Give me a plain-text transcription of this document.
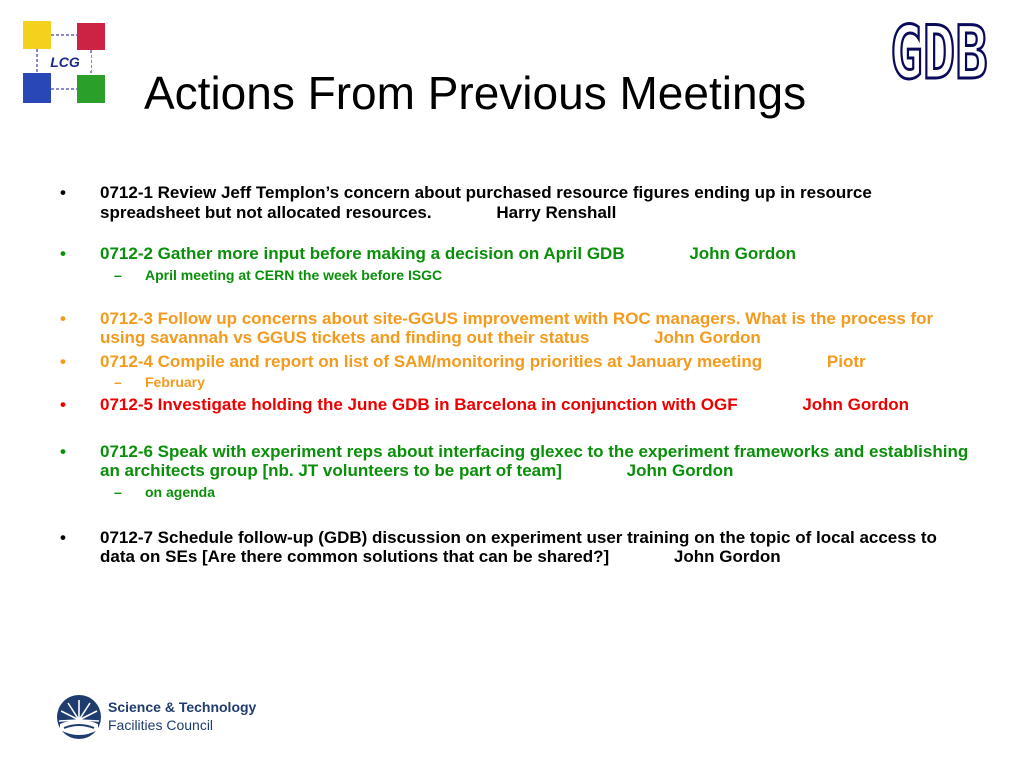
LCG	GDB
Actions From Previous Meetings
• 0712-1 Review Jeff Templon’s concern about purchased resource figures ending up in resource spreadsheet but not allocated resources.	Harry Renshall
• 0712-2 Gather more input before making a decision on April GDB	John Gordon
– April meeting at CERN the week before ISGC
• 0712-3 Follow up concerns about site-GGUS improvement with ROC managers. What is the process for using savannah vs GGUS tickets and finding out their status	John Gordon
• 0712-4 Compile and report on list of SAM/monitoring priorities at January meeting	Piotr
– February
• 0712-5 Investigate holding the June GDB in Barcelona in conjunction with OGF	John Gordon
• 0712-6 Speak with experiment reps about interfacing glexec to the experiment frameworks and establishing an architects group [nb. JT volunteers to be part of team]	John Gordon
– on agenda
• 0712-7 Schedule follow-up (GDB) discussion on experiment user training on the topic of local access to data on SEs [Are there common solutions that can be shared?]	John Gordon
Science & Technology
Facilities Council
